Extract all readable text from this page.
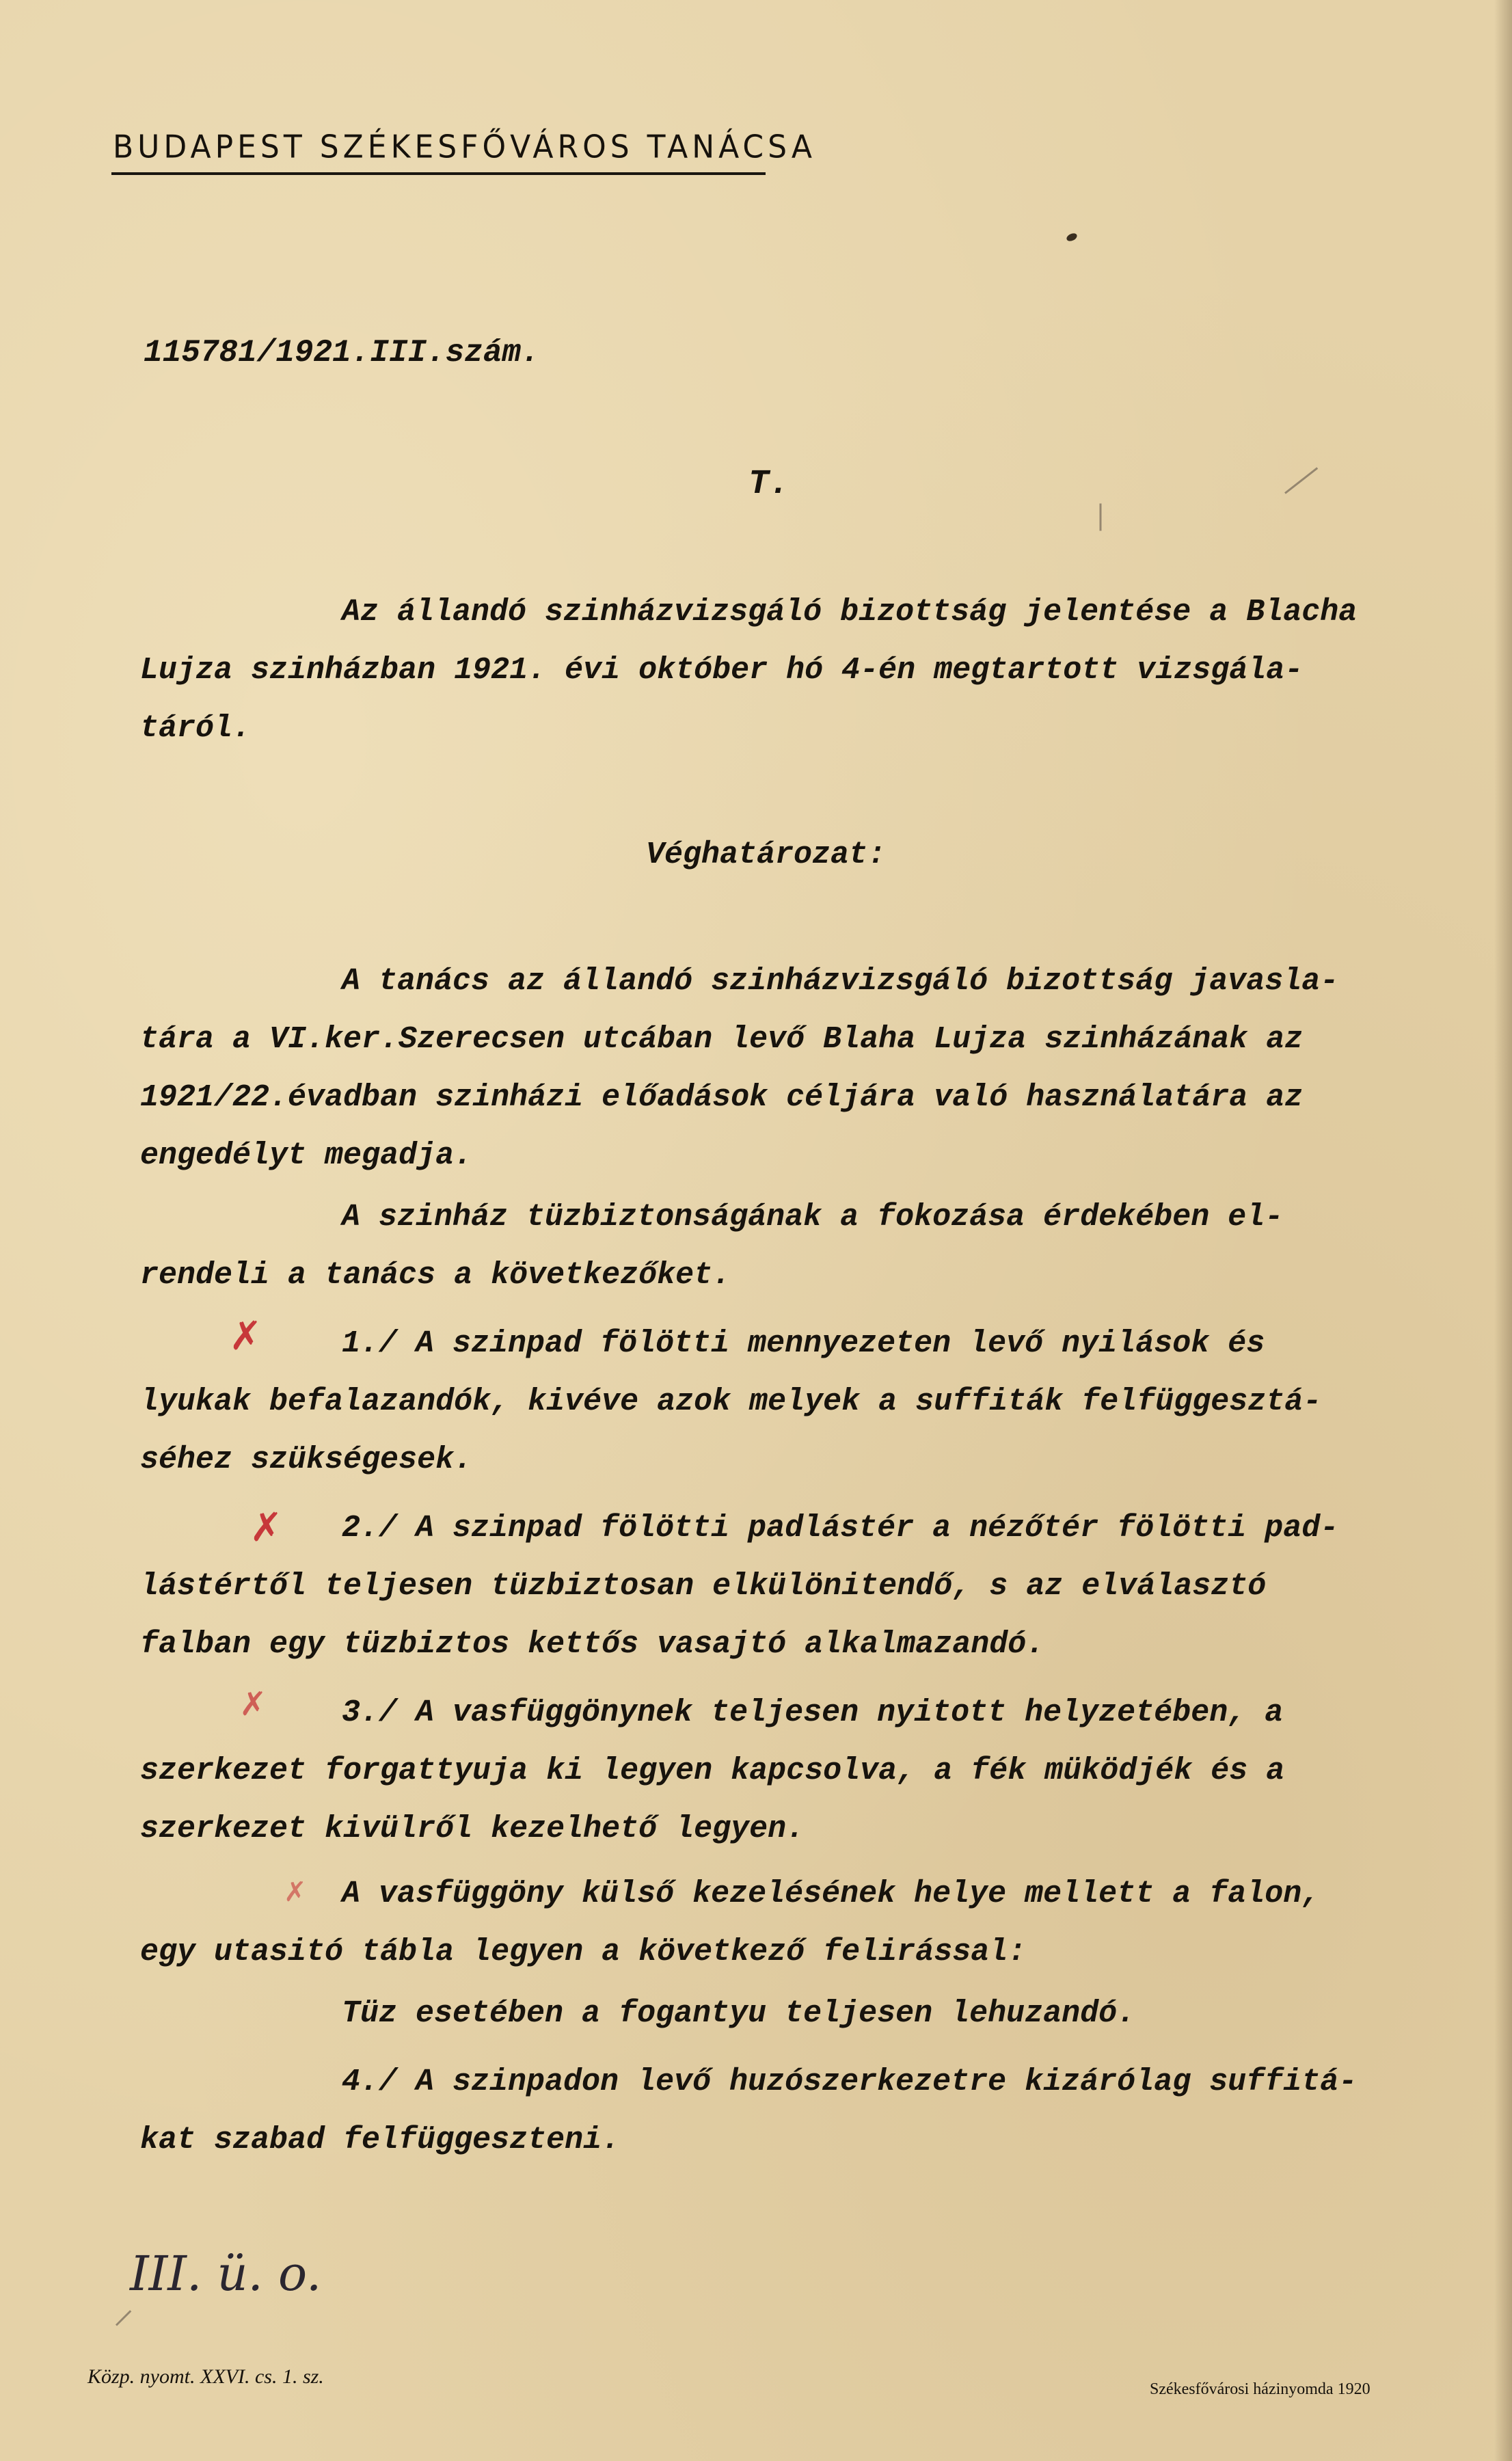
BUDAPEST SZÉKESFŐVÁROS TANÁCSA
115781/1921.III.szám.
T.
Az állandó szinházvizsgáló bizottság jelentése a Blacha
Lujza szinházban 1921. évi október hó 4-én megtartott vizsgála-
táról.
Véghatározat:
A tanács az állandó szinházvizsgáló bizottság javasla-
tára a VI.ker.Szerecsen utcában levő Blaha Lujza szinházának az
1921/22.évadban szinházi előadások céljára való használatára az
engedélyt megadja.
A szinház tüzbiztonságának a fokozása érdekében el-
rendeli a tanács a következőket.
✗	1./ A szinpad fölötti mennyezeten levő nyilások és
lyukak befalazandók, kivéve azok melyek a suffiták felfüggesztá-
séhez szükségesek.
✗ 2./ A szinpad fölötti padlástér a nézőtér fölötti pad-
lástértől teljesen tüzbiztosan elkülönitendő, s az elválasztó
falban egy tüzbiztos kettős vasajtó alkalmazandó.
✗ 3./ A vasfüggönynek teljesen nyitott helyzetében, a
szerkezet forgattyuja ki legyen kapcsolva, a fék müködjék és a
szerkezet kivülről kezelhető legyen.
✗ A vasfüggöny külső kezelésének helye mellett a falon,
egy utasitó tábla legyen a következő felirással:
Tüz esetében a fogantyu teljesen lehuzandó.
4./ A szinpadon levő huzószerkezetre kizárólag suffitá-
kat szabad felfüggeszteni.
III. ü. o.
Közp. nyomt. XXVI. cs. 1. sz.
Székesfővárosi házinyomda 1920
